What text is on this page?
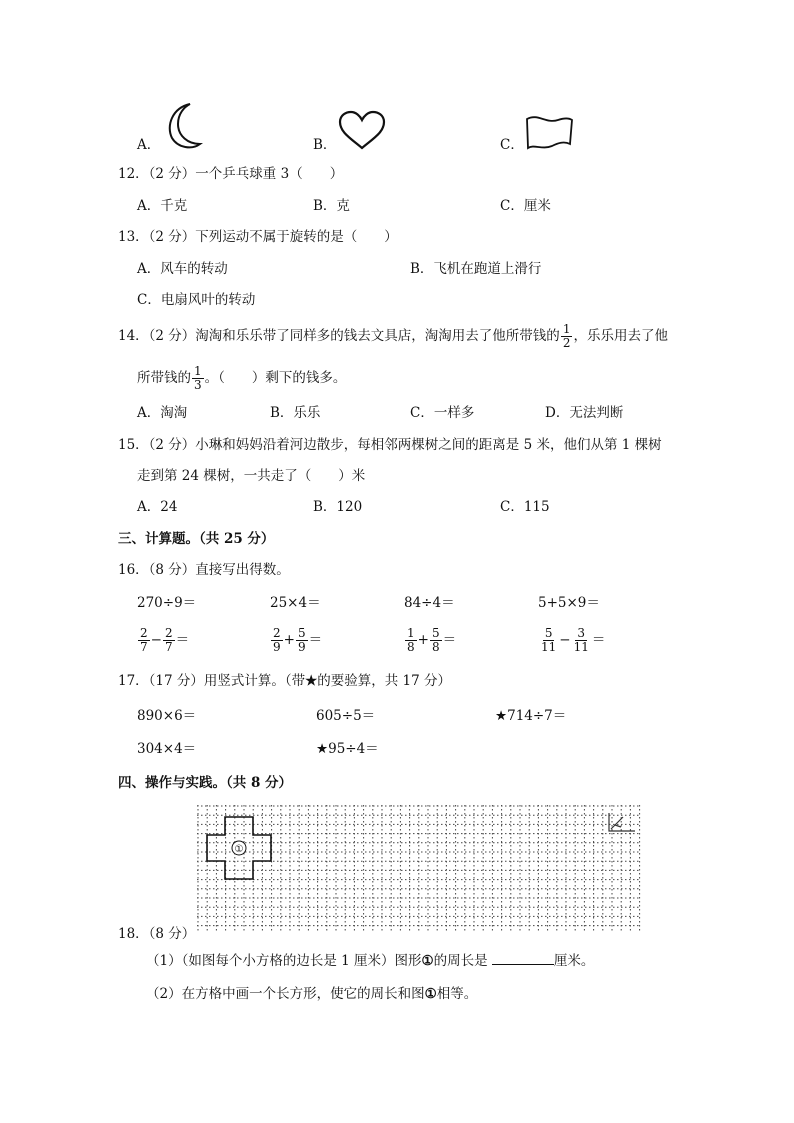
A．	B．	C．
12．（2 分）一个乒乓球重 3（　　）
A．千克	B．克	C．厘米
13．（2 分）下列运动不属于旋转的是（　　）
A．风车的转动	B．飞机在跑道上滑行
C．电扇风叶的转动
14．（2 分）淘淘和乐乐带了同样多的钱去文具店，淘淘用去了他所带钱的 $\frac{1}{2}$ ，乐乐用去了他
所带钱的 $\frac{1}{3}$ 。（　　）剩下的钱多。
A．淘淘	B．乐乐	C．一样多	D．无法判断
15．（2 分）小琳和妈妈沿着河边散步，每相邻两棵树之间的距离是 5 米，他们从第 1 棵树
走到第 24 棵树，一共走了（　　）米
A．24	B．120	C．115
三、计算题。（共 25 分）
16．（8 分）直接写出得数。
270÷9＝	25×4＝	84÷4＝	5+5×9＝
$\frac{2}{7} - \frac{2}{7}$ ＝	$\frac{2}{9} + \frac{5}{9}$ ＝	$\frac{1}{8} + \frac{5}{8}$ ＝	$\frac{5}{11} - \frac{3}{11}$ ＝
17．（17 分）用竖式计算。（带★的要验算，共 17 分）
890×6＝	605÷5＝	★714÷7＝
304×4＝	★95÷4＝
四、操作与实践。（共 8 分）
①
18．（8 分）
（1）（如图每个小方格的边长是 1 厘米）图形①的周长是	厘米。
（2）在方格中画一个长方形，使它的周长和图①相等。
